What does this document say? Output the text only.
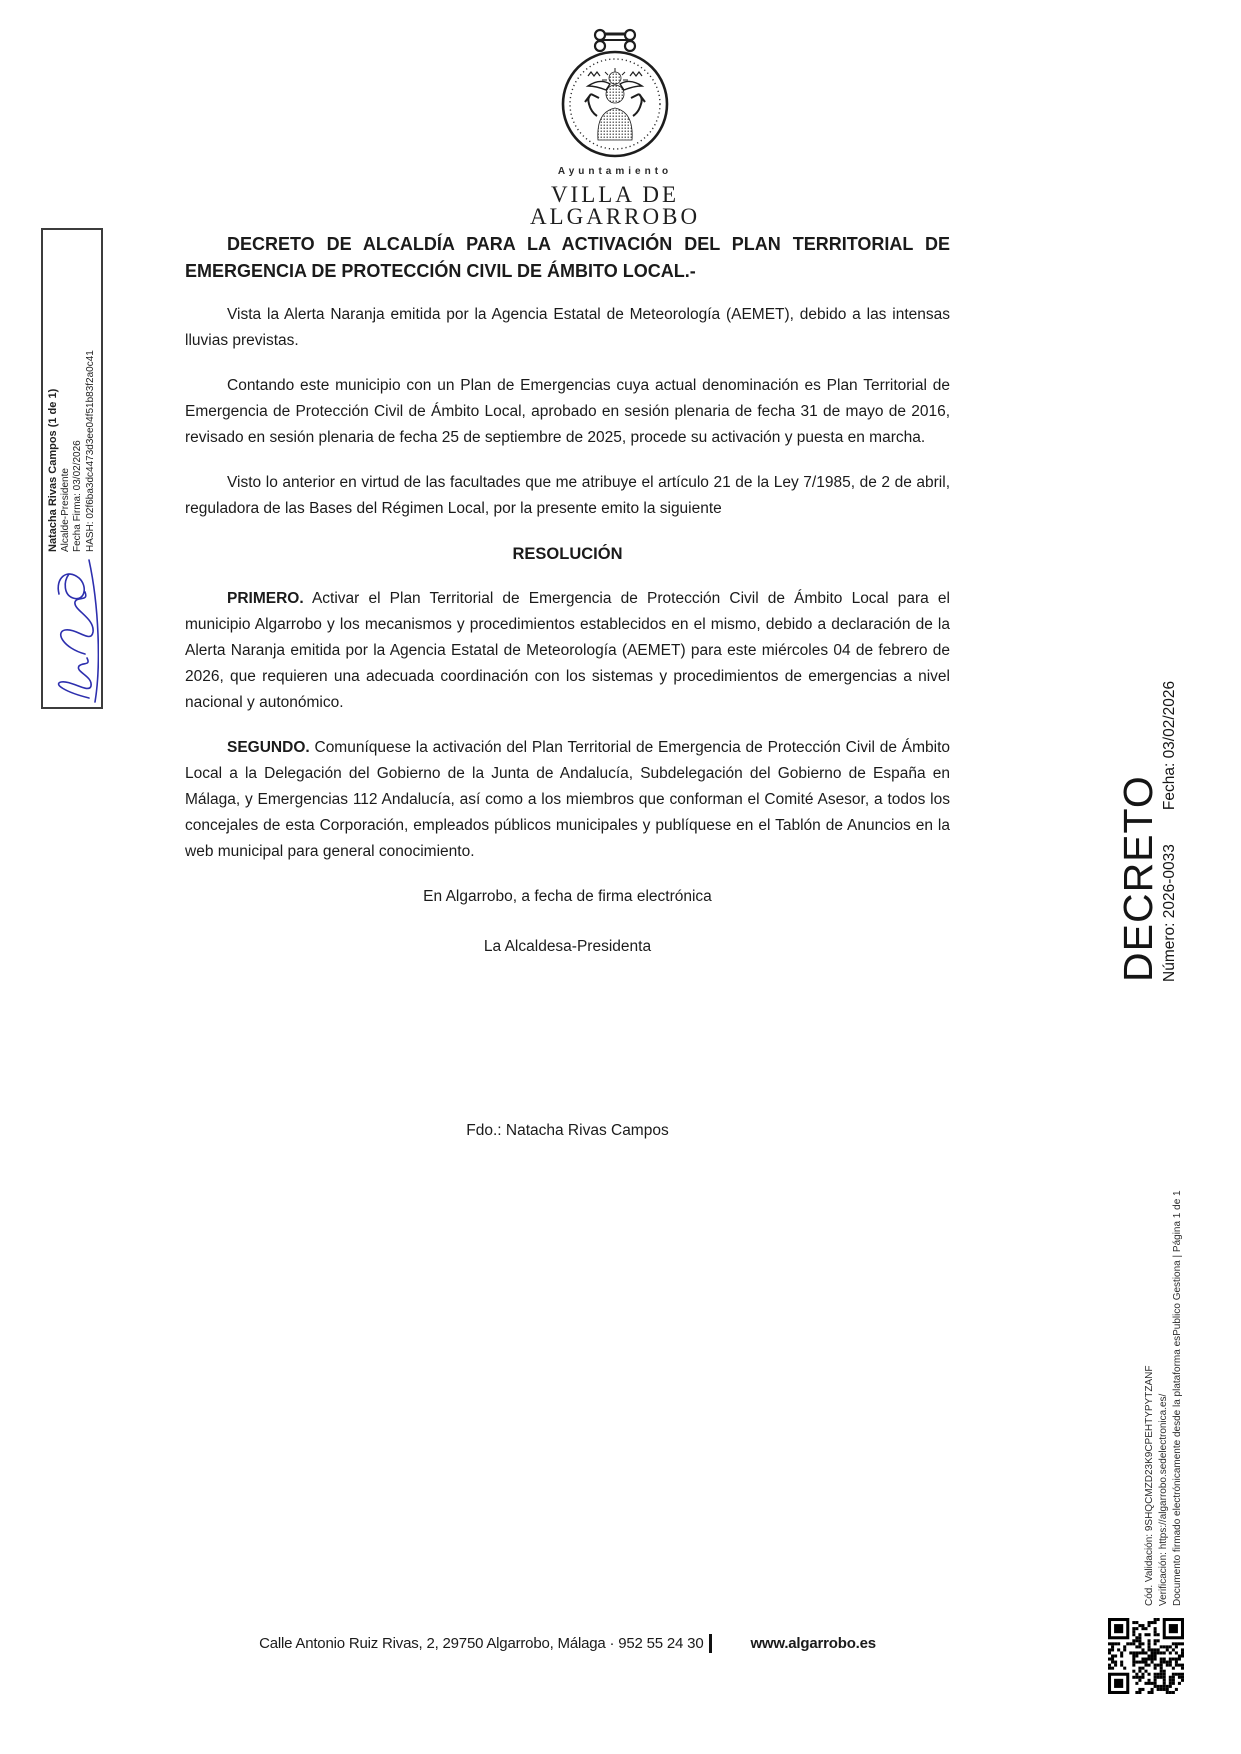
Ayuntamiento
VILLA DE
ALGARROBO
DECRETO DE ALCALDÍA PARA LA ACTIVACIÓN DEL PLAN TERRITORIAL DE EMERGENCIA DE PROTECCIÓN CIVIL DE ÁMBITO LOCAL.-

Vista la Alerta Naranja emitida por la Agencia Estatal de Meteorología (AEMET), debido a las intensas lluvias previstas.

Contando este municipio con un Plan de Emergencias cuya actual denominación es Plan Territorial de Emergencia de Protección Civil de Ámbito Local, aprobado en sesión plenaria de fecha 31 de mayo de 2016, revisado en sesión plenaria de fecha 25 de septiembre de 2025, procede su activación y puesta en marcha.

Visto lo anterior en virtud de las facultades que me atribuye el artículo 21 de la Ley 7/1985, de 2 de abril, reguladora de las Bases del Régimen Local, por la presente emito la siguiente

RESOLUCIÓN

PRIMERO. Activar el Plan Territorial de Emergencia de Protección Civil de Ámbito Local para el municipio Algarrobo y los mecanismos y procedimientos establecidos en el mismo, debido a declaración de la Alerta Naranja emitida por la Agencia Estatal de Meteorología (AEMET) para este miércoles 04 de febrero de 2026, que requieren una adecuada coordinación con los sistemas y procedimientos de emergencias a nivel nacional y autonómico.

SEGUNDO. Comuníquese la activación del Plan Territorial de Emergencia de Protección Civil de Ámbito Local a la Delegación del Gobierno de la Junta de Andalucía, Subdelegación del Gobierno de España en Málaga, y Emergencias 112 Andalucía, así como a los miembros que conforman el Comité Asesor, a todos los concejales de esta Corporación, empleados públicos municipales y publíquese en el Tablón de Anuncios en la web municipal para general conocimiento.

En Algarrobo, a fecha de firma electrónica

La Alcaldesa-Presidenta

Fdo.: Natacha Rivas Campos

Natacha Rivas Campos (1 de 1) Alcalde-Presidente Fecha Firma: 03/02/2026 HASH: 02f6ba3dc4473d3ee04f51b83f2a0c41
DECRETO Número: 2026-0033Fecha: 03/02/2026
Cód. Validación: 9SHQCMZD23K9CPEHTYPYTZANF Verificación: https://algarrobo.sedelectronica.es/ Documento firmado electrónicamente desde la plataforma esPublico Gestiona | Página 1 de 1
Calle Antonio Ruiz Rivas, 2, 29750 Algarrobo, Málaga · 952 55 24 30	www.algarrobo.es
